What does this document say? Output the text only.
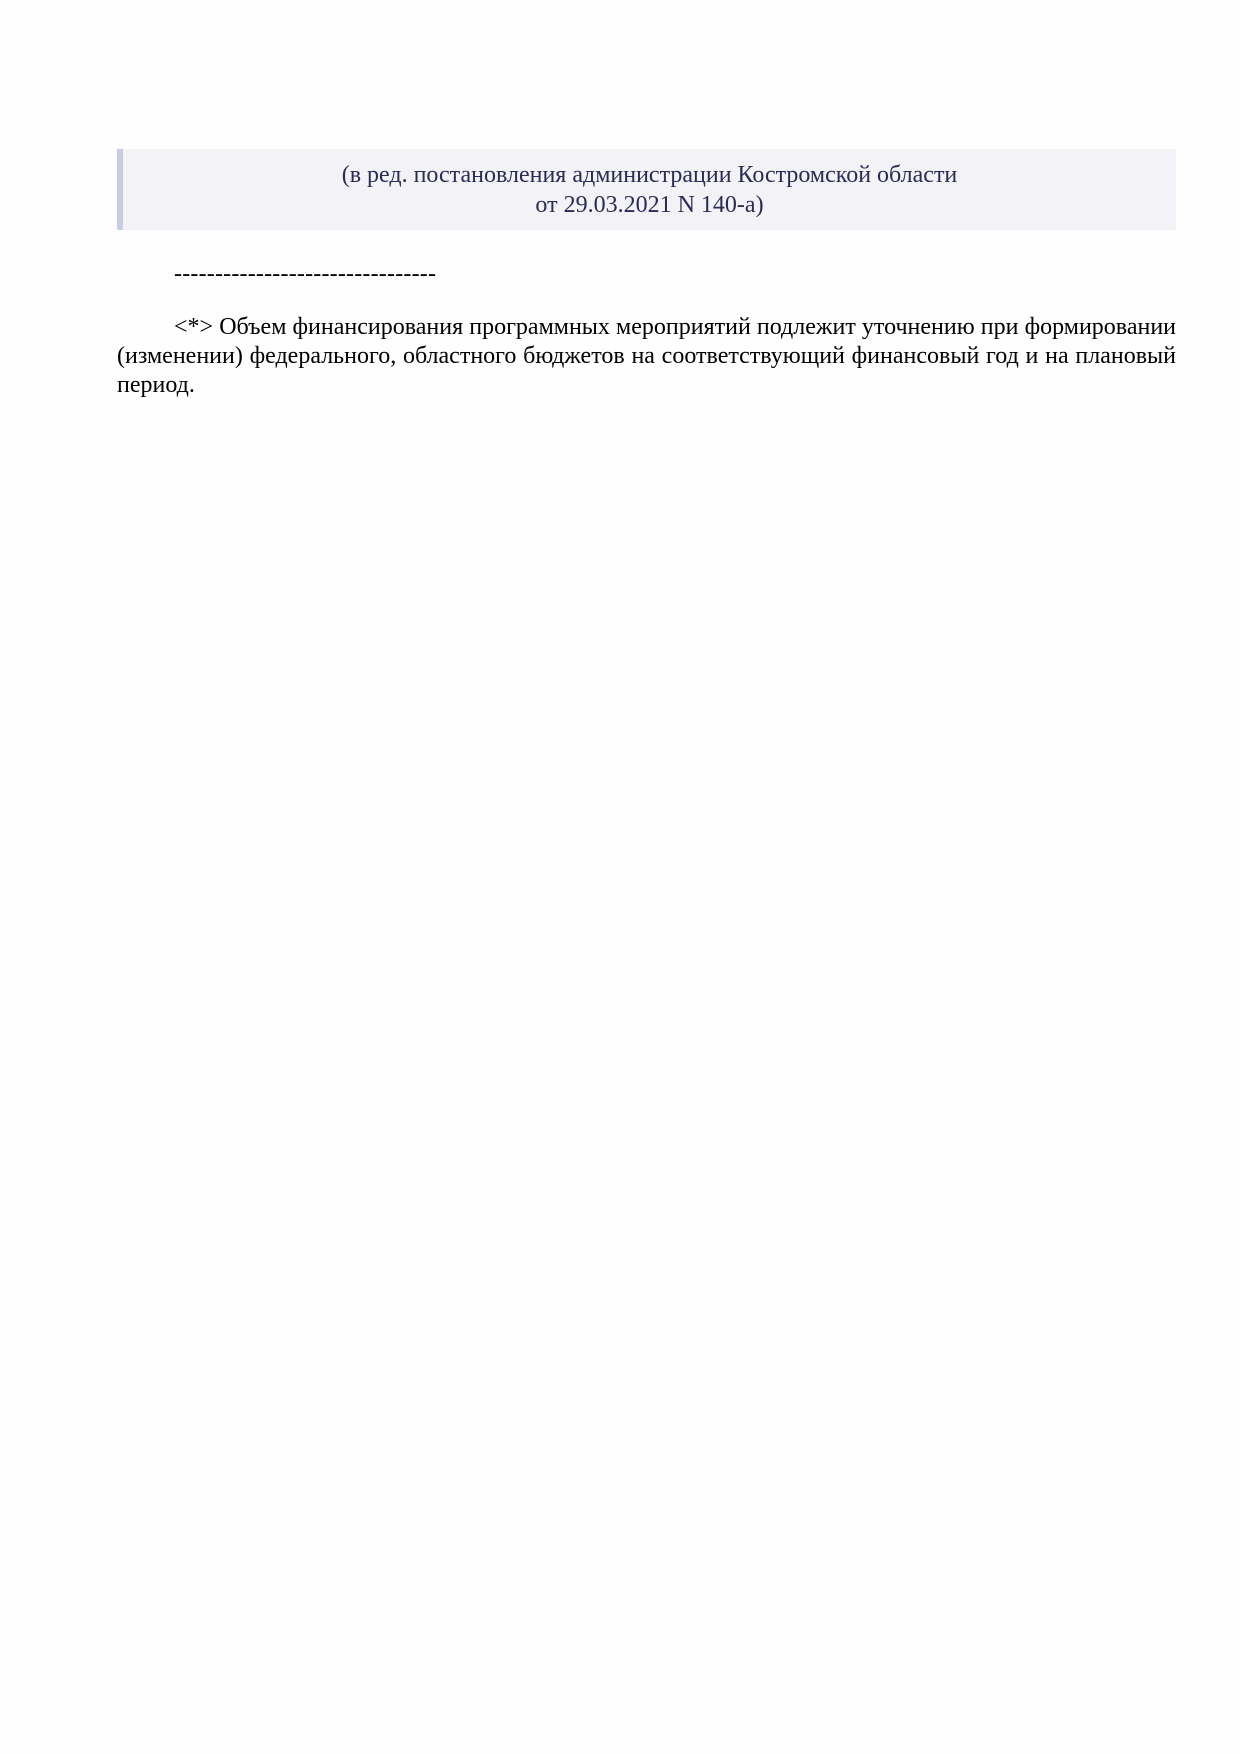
(в ред. постановления администрации Костромской области
от 29.03.2021 N 140-а)
--------------------------------

<*> Объем финансирования программных мероприятий подлежит уточнению при формировании (изменении) федерального, областного бюджетов на соответствующий финансовый год и на плановый период.
